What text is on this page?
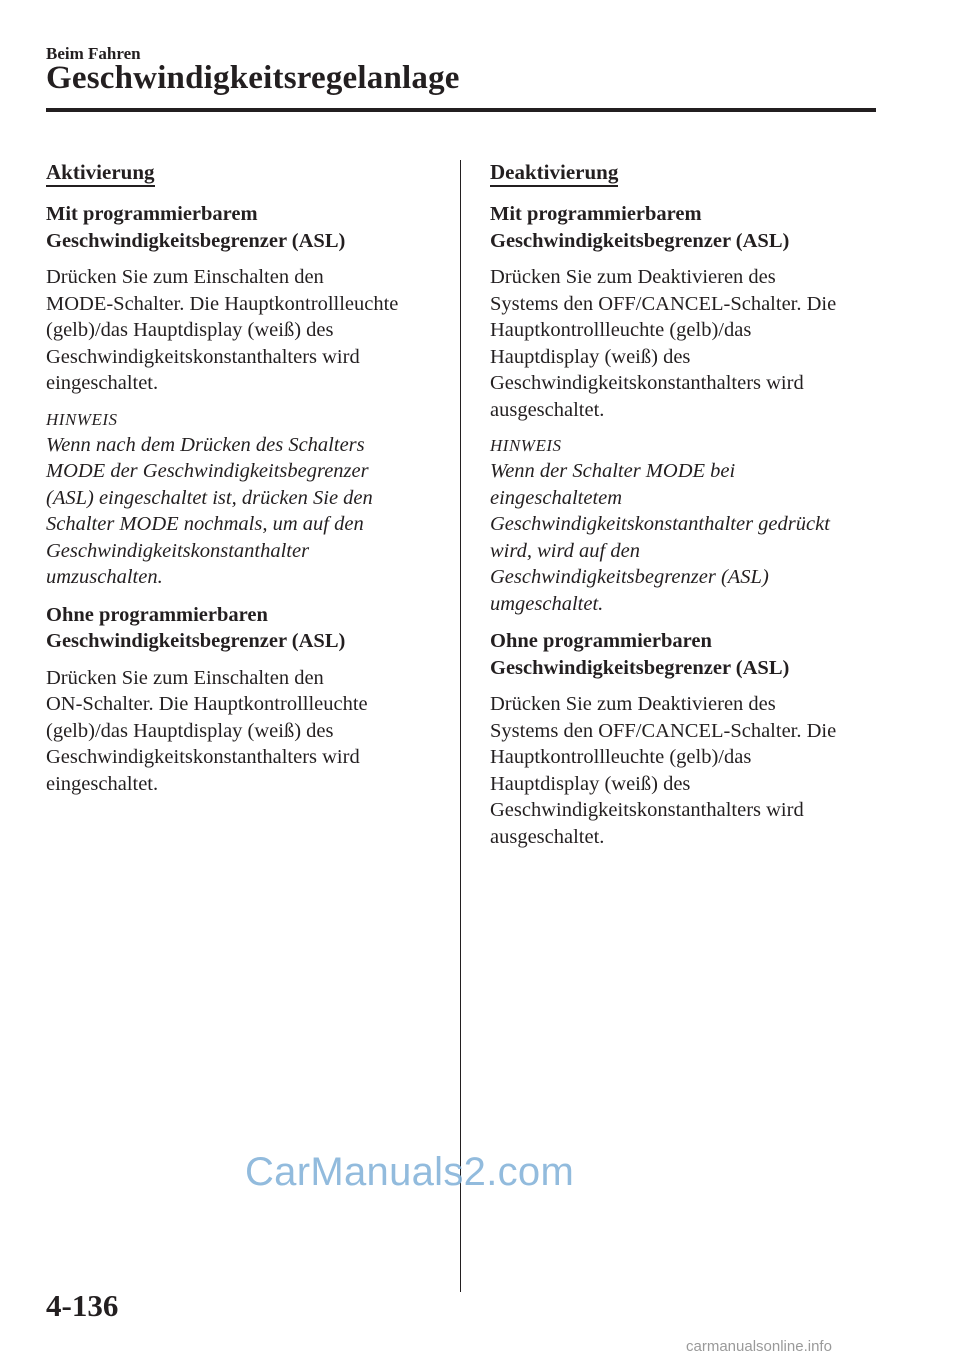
Beim Fahren
Geschwindigkeitsregelanlage
Aktivierung
Mit programmierbarem
Geschwindigkeitsbegrenzer (ASL)
Drücken Sie zum Einschalten den
MODE-Schalter. Die Hauptkontrollleuchte
(gelb)/das Hauptdisplay (weiß) des
Geschwindigkeitskonstanthalters wird
eingeschaltet.
HINWEIS
Wenn nach dem Drücken des Schalters
MODE der Geschwindigkeitsbegrenzer
(ASL) eingeschaltet ist, drücken Sie den
Schalter MODE nochmals, um auf den
Geschwindigkeitskonstanthalter
umzuschalten.
Ohne programmierbaren
Geschwindigkeitsbegrenzer (ASL)
Drücken Sie zum Einschalten den
ON-Schalter. Die Hauptkontrollleuchte
(gelb)/das Hauptdisplay (weiß) des
Geschwindigkeitskonstanthalters wird
eingeschaltet.
Deaktivierung
Mit programmierbarem
Geschwindigkeitsbegrenzer (ASL)
Drücken Sie zum Deaktivieren des
Systems den OFF/CANCEL-Schalter. Die
Hauptkontrollleuchte (gelb)/das
Hauptdisplay (weiß) des
Geschwindigkeitskonstanthalters wird
ausgeschaltet.
HINWEIS
Wenn der Schalter MODE bei
eingeschaltetem
Geschwindigkeitskonstanthalter gedrückt
wird, wird auf den
Geschwindigkeitsbegrenzer (ASL)
umgeschaltet.
Ohne programmierbaren
Geschwindigkeitsbegrenzer (ASL)
Drücken Sie zum Deaktivieren des
Systems den OFF/CANCEL-Schalter. Die
Hauptkontrollleuchte (gelb)/das
Hauptdisplay (weiß) des
Geschwindigkeitskonstanthalters wird
ausgeschaltet.
CarManuals2.com
4-136
carmanualsonline.info
